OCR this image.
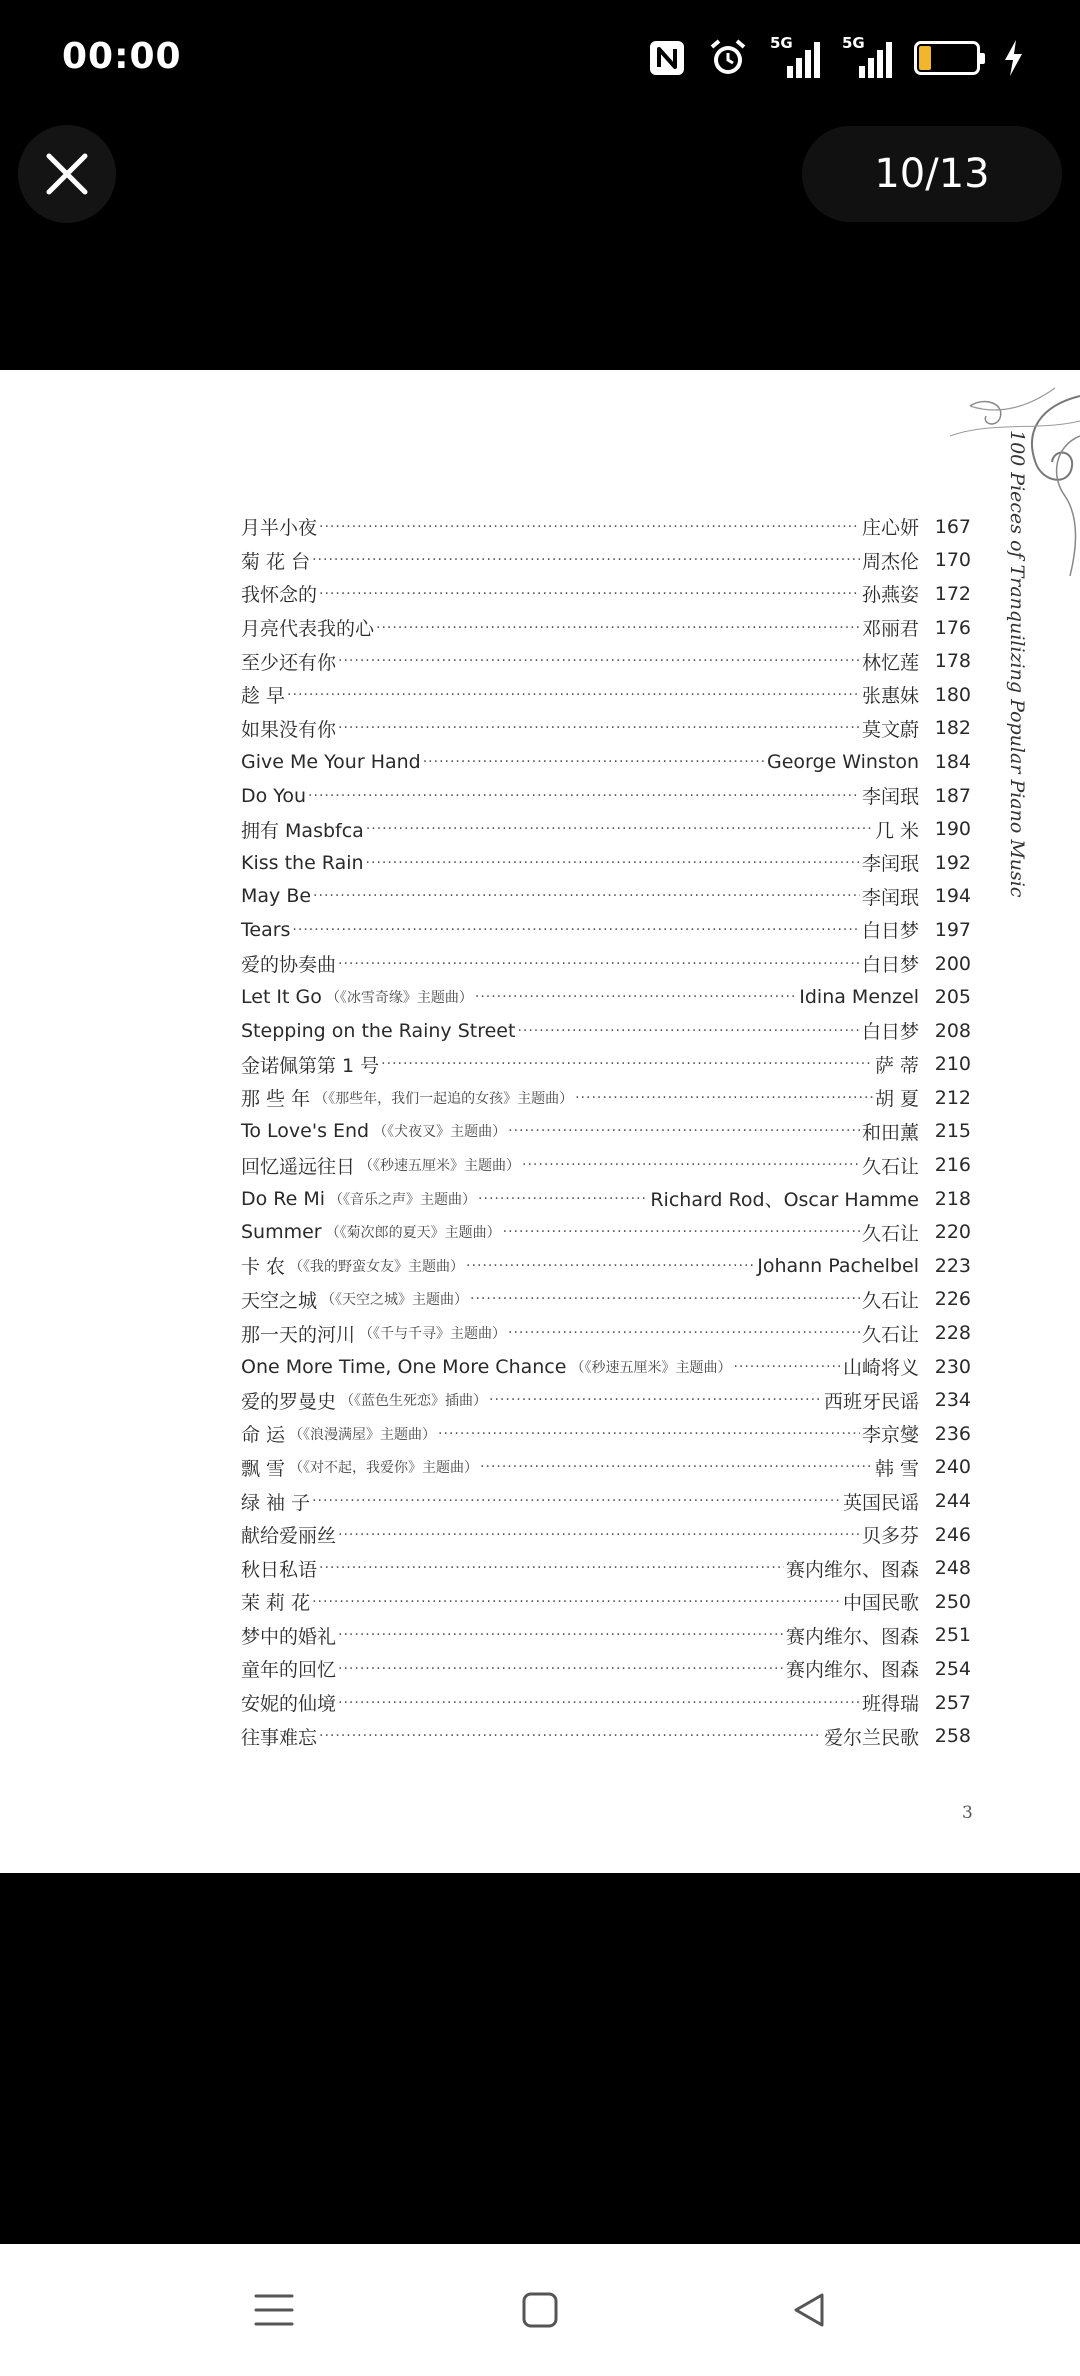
00:00	5G	5G	9
10/13
100 Pieces of Tranquilizing Popular Piano Music
月半小夜 ·····	庄心妍 167
菊 花 台 ·····	周杰伦 170
我怀念的 ·····	孙燕姿 172
月亮代表我的心 ·····	邓丽君 176
至少还有你 ·····	林忆莲 178
趁 早 ·····	张惠妹 180
如果没有你 ·····	莫文蔚 182
Give Me Your Hand ·····	George Winston 184
Do You ·····	李闰珉 187
拥有 Masbfca ·····	几 米 190
Kiss the Rain ·····	李闰珉 192
May Be ·····	李闰珉 194
Tears ·····	白日梦 197
爱的协奏曲 ·····	白日梦 200
Let It Go （《冰雪奇缘》主题曲） ·····	Idina Menzel 205
Stepping on the Rainy Street ·····	白日梦 208
金诺佩第第 1 号 ·····	萨 蒂 210
那 些 年 （《那些年，我们一起追的女孩》主题曲） ·····	胡 夏 212
To Love's End （《犬夜叉》主题曲） ·····	和田薰 215
回忆遥远往日 （《秒速五厘米》主题曲） ·····	久石让 216
Do Re Mi （《音乐之声》主题曲） ·····	Richard Rod、Oscar Hamme 218
Summer （《菊次郎的夏天》主题曲） ·····	久石让 220
卡 农 （《我的野蛮女友》主题曲） ·····	Johann Pachelbel 223
天空之城 （《天空之城》主题曲） ·····	久石让 226
那一天的河川 （《千与千寻》主题曲） ·····	久石让 228
One More Time, One More Chance （《秒速五厘米》主题曲） ·····	山崎将义 230
爱的罗曼史 （《蓝色生死恋》插曲） ·····	西班牙民谣 234
命 运 （《浪漫满屋》主题曲） ·····	李京燮 236
飘 雪 （《对不起，我爱你》主题曲） ·····	韩 雪 240
绿 袖 子 ·····	英国民谣 244
献给爱丽丝 ·····	贝多芬 246
秋日私语 ·····	赛内维尔、图森 248
茉 莉 花 ·····	中国民歌 250
梦中的婚礼 ·····	赛内维尔、图森 251
童年的回忆 ·····	赛内维尔、图森 254
安妮的仙境 ·····	班得瑞 257
往事难忘 ·····	爱尔兰民歌 258
3
